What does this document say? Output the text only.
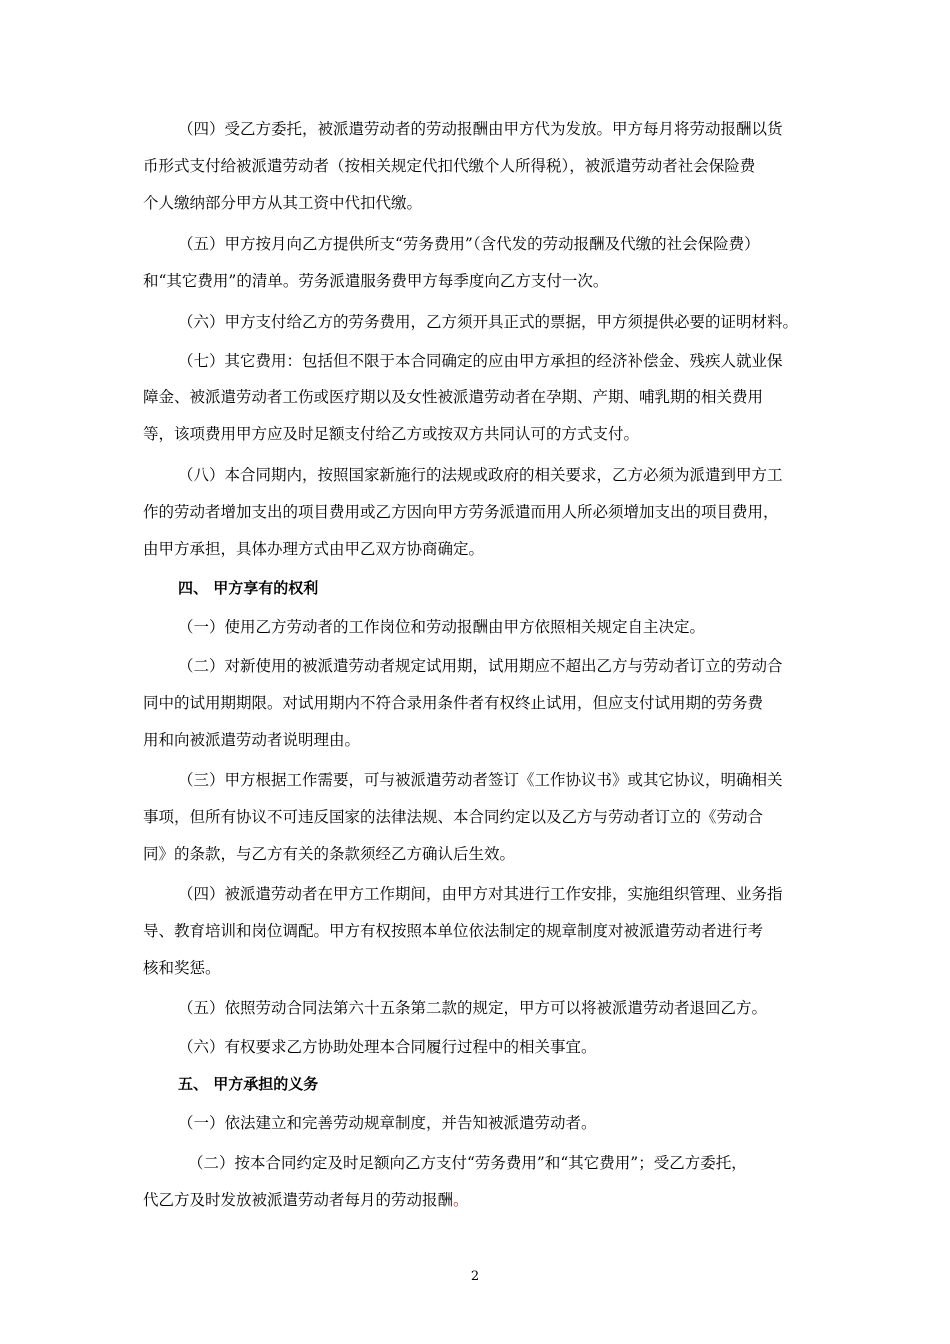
（四）受乙方委托，被派遣劳动者的劳动报酬由甲方代为发放。甲方每月将劳动报酬以货
币形式支付给被派遣劳动者（按相关规定代扣代缴个人所得税），被派遣劳动者社会保险费
个人缴纳部分甲方从其工资中代扣代缴。
（五）甲方按月向乙方提供所支“劳务费用”（含代发的劳动报酬及代缴的社会保险费）
和“其它费用”的清单。劳务派遣服务费甲方每季度向乙方支付一次。
（六）甲方支付给乙方的劳务费用，乙方须开具正式的票据，甲方须提供必要的证明材料。
（七）其它费用：包括但不限于本合同确定的应由甲方承担的经济补偿金、残疾人就业保
障金、被派遣劳动者工伤或医疗期以及女性被派遣劳动者在孕期、产期、哺乳期的相关费用
等，该项费用甲方应及时足额支付给乙方或按双方共同认可的方式支付。
（八）本合同期内，按照国家新施行的法规或政府的相关要求，乙方必须为派遣到甲方工
作的劳动者增加支出的项目费用或乙方因向甲方劳务派遣而用人所必须增加支出的项目费用，
由甲方承担，具体办理方式由甲乙双方协商确定。
四、 甲方享有的权利
（一）使用乙方劳动者的工作岗位和劳动报酬由甲方依照相关规定自主决定。
（二）对新使用的被派遣劳动者规定试用期，试用期应不超出乙方与劳动者订立的劳动合
同中的试用期期限。对试用期内不符合录用条件者有权终止试用，但应支付试用期的劳务费
用和向被派遣劳动者说明理由。
（三）甲方根据工作需要，可与被派遣劳动者签订《工作协议书》或其它协议，明确相关
事项，但所有协议不可违反国家的法律法规、本合同约定以及乙方与劳动者订立的《劳动合
同》的条款，与乙方有关的条款须经乙方确认后生效。
（四）被派遣劳动者在甲方工作期间，由甲方对其进行工作安排，实施组织管理、业务指
导、教育培训和岗位调配。甲方有权按照本单位依法制定的规章制度对被派遣劳动者进行考
核和奖惩。
（五）依照劳动合同法第六十五条第二款的规定，甲方可以将被派遣劳动者退回乙方。
（六）有权要求乙方协助处理本合同履行过程中的相关事宜。
五、 甲方承担的义务
（一）依法建立和完善劳动规章制度，并告知被派遣劳动者。
（二）按本合同约定及时足额向乙方支付“劳务费用”和“其它费用”；受乙方委托，
代乙方及时发放被派遣劳动者每月的劳动报酬。
2
